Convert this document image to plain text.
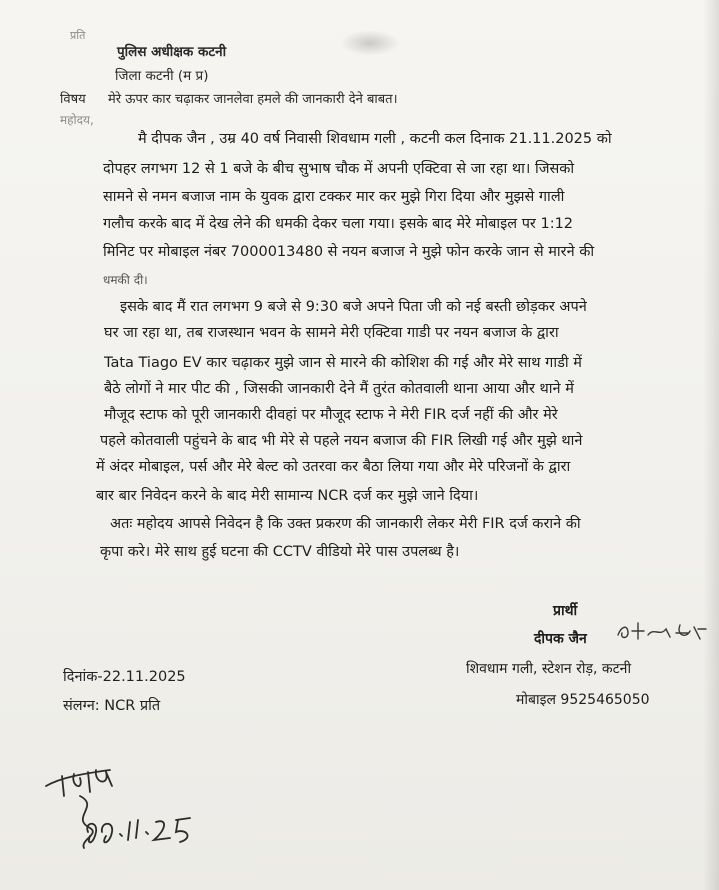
प्रति
पुलिस अधीक्षक कटनी
जिला कटनी (म प्र)
विषय मेरे ऊपर कार चढ़ाकर जानलेवा हमले की जानकारी देने बाबत।
महोदय,
मै दीपक जैन , उम्र 40 वर्ष निवासी शिवधाम गली , कटनी कल दिनाक 21.11.2025 को
दोपहर लगभग 12 से 1 बजे के बीच सुभाष चौक में अपनी एक्टिवा से जा रहा था। जिसको
सामने से नमन बजाज नाम के युवक द्वारा टक्कर मार कर मुझे गिरा दिया और मुझसे गाली
गलौच करके बाद में देख लेने की धमकी देकर चला गया। इसके बाद मेरे मोबाइल पर 1:12
मिनिट पर मोबाइल नंबर 7000013480 से नयन बजाज ने मुझे फोन करके जान से मारने की
धमकी दी।
इसके बाद मैं रात लगभग 9 बजे से 9:30 बजे अपने पिता जी को नई बस्ती छोड़कर अपने
घर जा रहा था, तब राजस्थान भवन के सामने मेरी एक्टिवा गाडी पर नयन बजाज के द्वारा
Tata Tiago EV कार चढ़ाकर मुझे जान से मारने की कोशिश की गई और मेरे साथ गाडी में
बैठे लोगों ने मार पीट की , जिसकी जानकारी देने मैं तुरंत कोतवाली थाना आया और थाने में
मौजूद स्टाफ को पूरी जानकारी दीवहां पर मौजूद स्टाफ ने मेरी FIR दर्ज नहीं की और मेरे
पहले कोतवाली पहुंचने के बाद भी मेरे से पहले नयन बजाज की FIR लिखी गई और मुझे थाने
में अंदर मोबाइल, पर्स और मेरे बेल्ट को उतरवा कर बैठा लिया गया और मेरे परिजनों के द्वारा
बार बार निवेदन करने के बाद मेरी सामान्य NCR दर्ज कर मुझे जाने दिया।
अतः महोदय आपसे निवेदन है कि उक्त प्रकरण की जानकारी लेकर मेरी FIR दर्ज कराने की
कृपा करे। मेरे साथ हुई घटना की CCTV वीडियो मेरे पास उपलब्ध है।
प्रार्थी
दीपक जैन
शिवधाम गली, स्टेशन रोड़, कटनी
मोबाइल 9525465050
दिनांक-22.11.2025
संलग्न: NCR प्रति
